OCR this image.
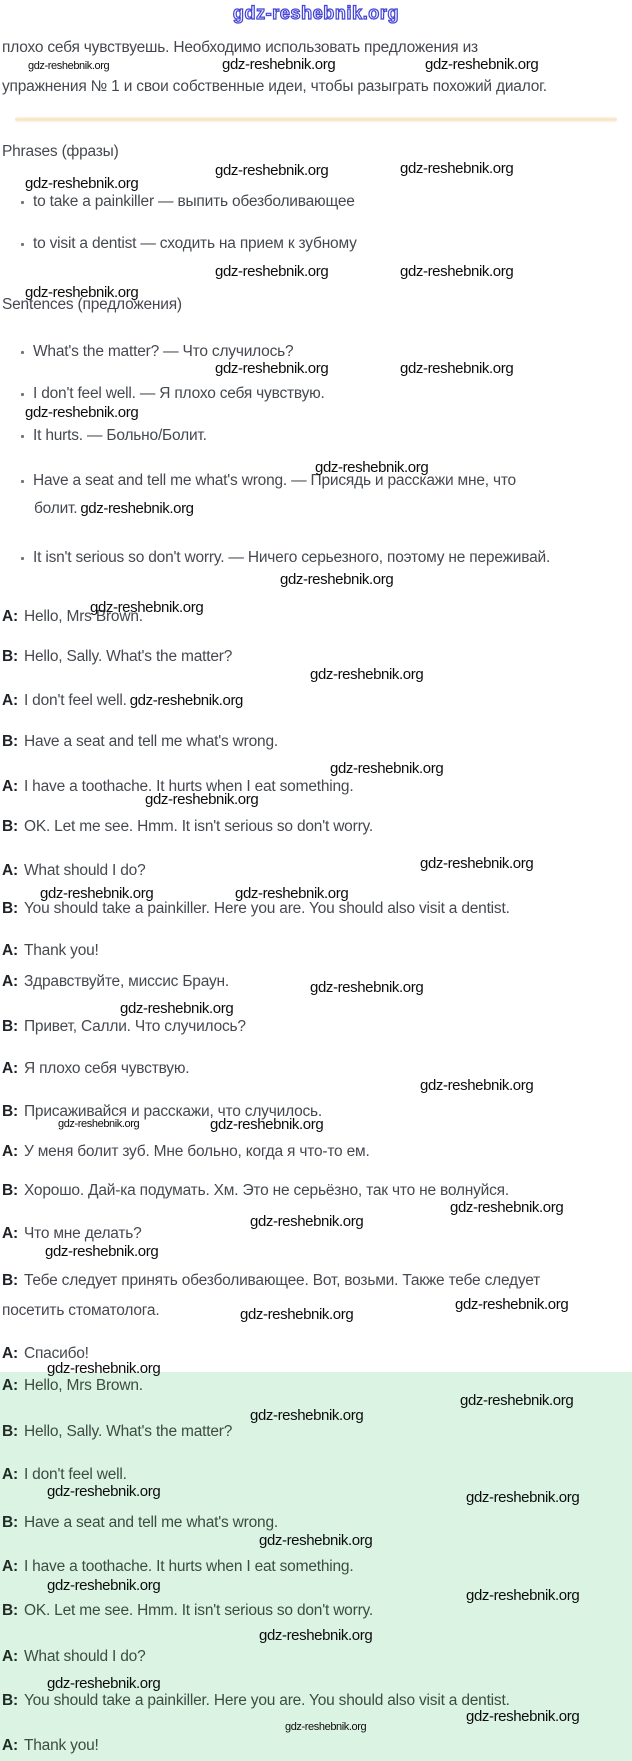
gdz-reshebnik.org
плохо себя чувствуешь. Необходимо использовать предложения из
упражнения № 1 и свои собственные идеи, чтобы разыграть похожий диалог.
Phrases (фразы)
to take a painkiller — выпить обезболивающее
to visit a dentist — сходить на прием к зубному
Sentences (предложения)
What's the matter? — Что случилось?
I don't feel well. — Я плохо себя чувствую.
It hurts. — Больно/Болит.
Have a seat and tell me what's wrong. — Присядь и расскажи мне, что
болит. gdz-reshebnik.org
It isn't serious so don't worry. — Ничего серьезного, поэтому не переживай.
A: Hello, Mrs Brown.
B: Hello, Sally. What's the matter?
A: I don't feel well. gdz-reshebnik.org
B: Have a seat and tell me what's wrong.
A: I have a toothache. It hurts when I eat something.
B: OK. Let me see. Hmm. It isn't serious so don't worry.
A: What should I do?
B: You should take a painkiller. Here you are. You should also visit a dentist.
A: Thank you!
A: Здравствуйте, миссис Браун.
B: Привет, Салли. Что случилось?
A: Я плохо себя чувствую.
B: Присаживайся и расскажи, что случилось.
A: У меня болит зуб. Мне больно, когда я что-то ем.
B: Хорошо. Дай-ка подумать. Хм. Это не серьёзно, так что не волнуйся.
A: Что мне делать?
B: Тебе следует принять обезболивающее. Вот, возьми. Также тебе следует
посетить стоматолога.
A: Спасибо!
A: Hello, Mrs Brown.
B: Hello, Sally. What's the matter?
A: I don't feel well.
B: Have a seat and tell me what's wrong.
A: I have a toothache. It hurts when I eat something.
B: OK. Let me see. Hmm. It isn't serious so don't worry.
A: What should I do?
B: You should take a painkiller. Here you are. You should also visit a dentist.
A: Thank you!
gdz-reshebnik.org	gdz-reshebnik.org	gdz-reshebnik.org
gdz-reshebnik.org	gdz-reshebnik.org
gdz-reshebnik.org
gdz-reshebnik.org	gdz-reshebnik.org
gdz-reshebnik.org
gdz-reshebnik.org	gdz-reshebnik.org
gdz-reshebnik.org
gdz-reshebnik.org
gdz-reshebnik.org
gdz-reshebnik.org
gdz-reshebnik.org
gdz-reshebnik.org
gdz-reshebnik.org
gdz-reshebnik.org
gdz-reshebnik.org	gdz-reshebnik.org
gdz-reshebnik.org
gdz-reshebnik.org
gdz-reshebnik.org
gdz-reshebnik.org	gdz-reshebnik.org
gdz-reshebnik.org
gdz-reshebnik.org
gdz-reshebnik.org
gdz-reshebnik.org
gdz-reshebnik.org
gdz-reshebnik.org
gdz-reshebnik.org
gdz-reshebnik.org
gdz-reshebnik.org	gdz-reshebnik.org
gdz-reshebnik.org
gdz-reshebnik.org
gdz-reshebnik.org
gdz-reshebnik.org
gdz-reshebnik.org
gdz-reshebnik.org
gdz-reshebnik.org
